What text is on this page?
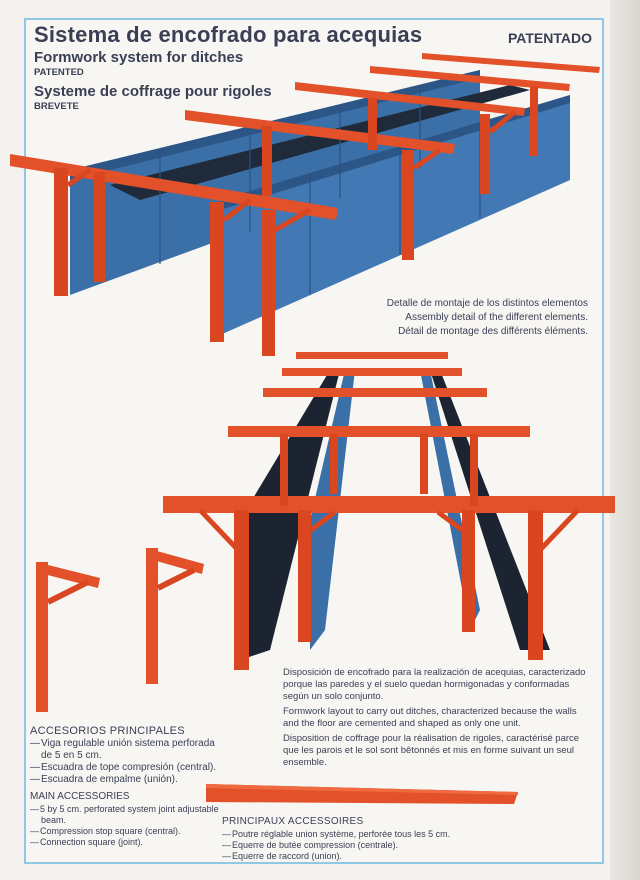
Sistema de encofrado para acequias	PATENTADO
Formwork system for ditches
PATENTED
Systeme de coffrage pour rigoles
BREVETE
Detalle de montaje de los distintos elementos
Assembly detail of the different elements.
Détail de montage des différents éléments.

Disposición de encofrado para la realización de acequias, caracterizado porque las paredes y el suelo quedan hormigonadas y conformadas según un solo conjunto.

Formwork layout to carry out ditches, characterized because the walls and the floor are cemented and shaped as only one unit.

Disposition de coffrage pour la réalisation de rigoles, caractérisé parce que les parois et le sol sont bêtonnés et mis en forme suivant un seul ensemble.

ACCESORIOS PRINCIPALES
— Viga regulable unión sistema perforada de 5 en 5 cm.
— Escuadra de tope compresión (central).
— Escuadra de empalme (unión).
MAIN ACCESSORIES
— 5 by 5 cm. perforated system joint adjustable beam.
— Compression stop square (central).
— Connection square (joint).
PRINCIPAUX ACCESSOIRES
— Poutre réglable union système, perforée tous les 5 cm.
— Equerre de butée compression (centrale).
— Equerre de raccord (union).
